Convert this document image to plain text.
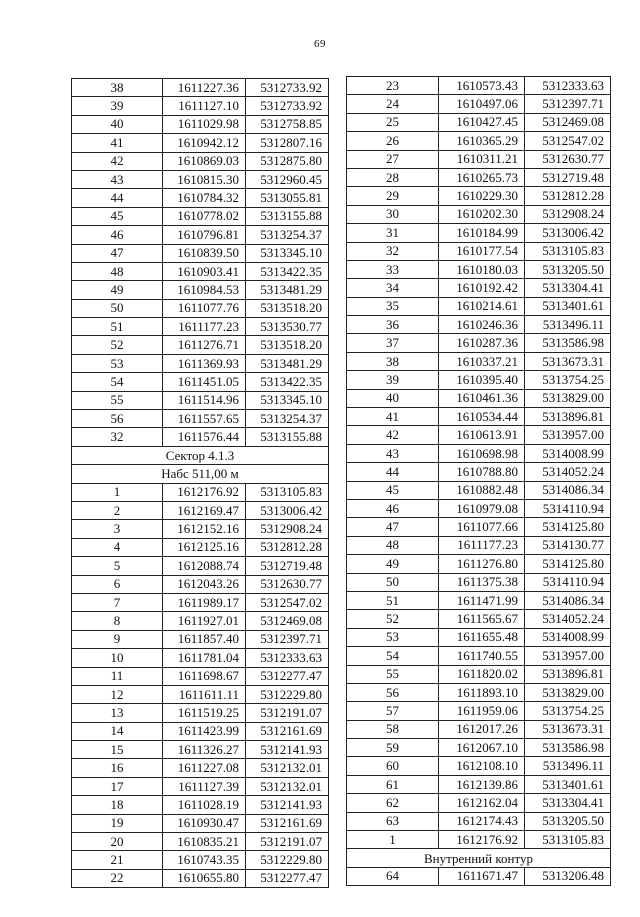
69
38	1611227.36	5312733.92
39	1611127.10	5312733.92
40	1611029.98	5312758.85
41	1610942.12	5312807.16
42	1610869.03	5312875.80
43	1610815.30	5312960.45
44	1610784.32	5313055.81
45	1610778.02	5313155.88
46	1610796.81	5313254.37
47	1610839.50	5313345.10
48	1610903.41	5313422.35
49	1610984.53	5313481.29
50	1611077.76	5313518.20
51	1611177.23	5313530.77
52	1611276.71	5313518.20
53	1611369.93	5313481.29
54	1611451.05	5313422.35
55	1611514.96	5313345.10
56	1611557.65	5313254.37
32	1611576.44	5313155.88
Сектор 4.1.3		
Набс 511,00 м		
1	1612176.92	5313105.83
2	1612169.47	5313006.42
3	1612152.16	5312908.24
4	1612125.16	5312812.28
5	1612088.74	5312719.48
6	1612043.26	5312630.77
7	1611989.17	5312547.02
8	1611927.01	5312469.08
9	1611857.40	5312397.71
10	1611781.04	5312333.63
11	1611698.67	5312277.47
12	1611611.11	5312229.80
13	1611519.25	5312191.07
14	1611423.99	5312161.69
15	1611326.27	5312141.93
16	1611227.08	5312132.01
17	1611127.39	5312132.01
18	1611028.19	5312141.93
19	1610930.47	5312161.69
20	1610835.21	5312191.07
21	1610743.35	5312229.80
22	1610655.80	5312277.47
23	1610573.43	5312333.63
24	1610497.06	5312397.71
25	1610427.45	5312469.08
26	1610365.29	5312547.02
27	1610311.21	5312630.77
28	1610265.73	5312719.48
29	1610229.30	5312812.28
30	1610202.30	5312908.24
31	1610184.99	5313006.42
32	1610177.54	5313105.83
33	1610180.03	5313205.50
34	1610192.42	5313304.41
35	1610214.61	5313401.61
36	1610246.36	5313496.11
37	1610287.36	5313586.98
38	1610337.21	5313673.31
39	1610395.40	5313754.25
40	1610461.36	5313829.00
41	1610534.44	5313896.81
42	1610613.91	5313957.00
43	1610698.98	5314008.99
44	1610788.80	5314052.24
45	1610882.48	5314086.34
46	1610979.08	5314110.94
47	1611077.66	5314125.80
48	1611177.23	5314130.77
49	1611276.80	5314125.80
50	1611375.38	5314110.94
51	1611471.99	5314086.34
52	1611565.67	5314052.24
53	1611655.48	5314008.99
54	1611740.55	5313957.00
55	1611820.02	5313896.81
56	1611893.10	5313829.00
57	1611959.06	5313754.25
58	1612017.26	5313673.31
59	1612067.10	5313586.98
60	1612108.10	5313496.11
61	1612139.86	5313401.61
62	1612162.04	5313304.41
63	1612174.43	5313205.50
1	1612176.92	5313105.83
Внутренний контур		
64	1611671.47	5313206.48
